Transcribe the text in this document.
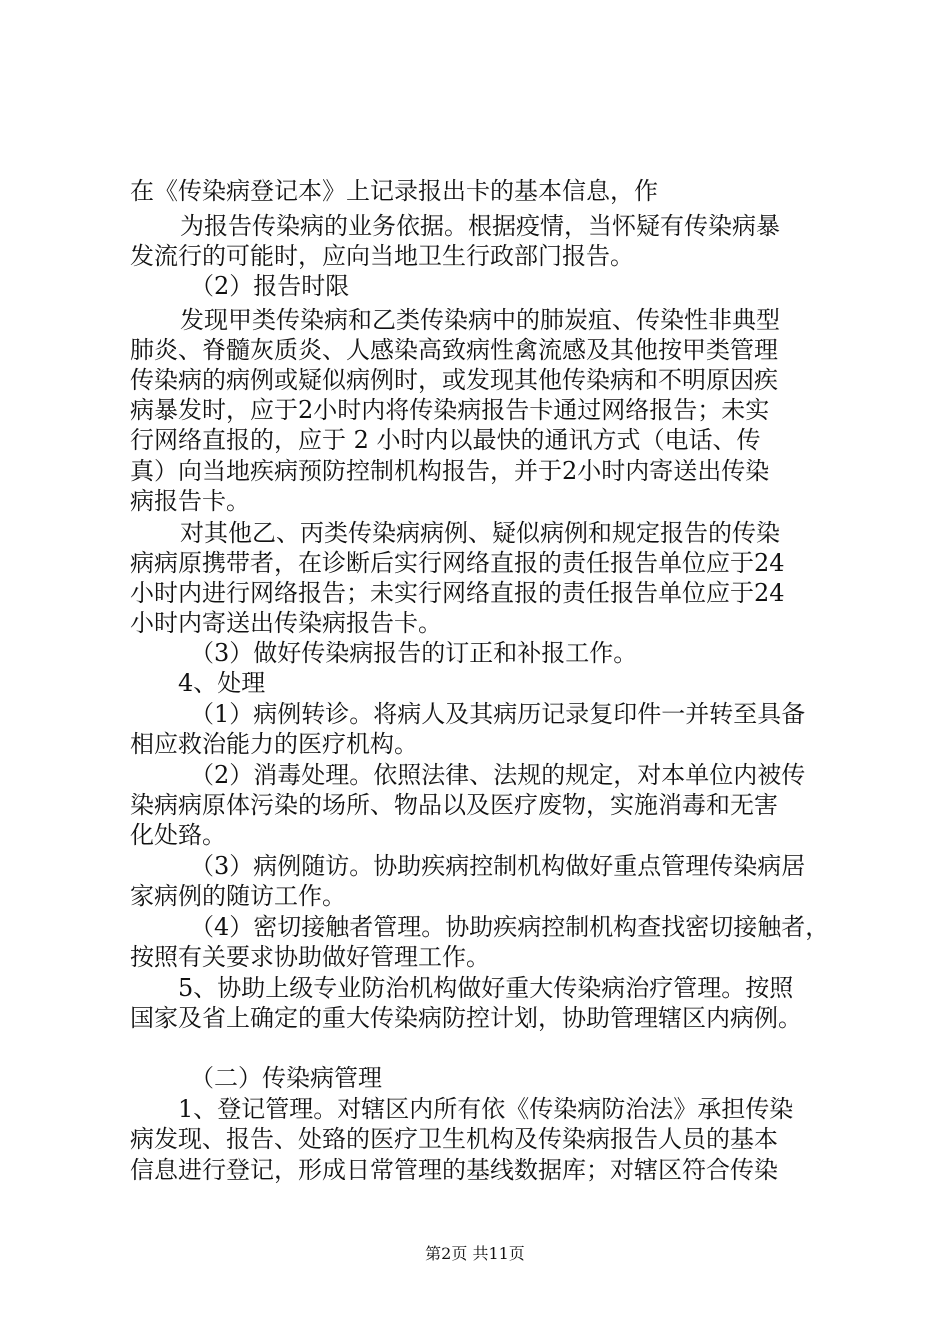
在《传染病登记本》上记录报出卡的基本信息，作
为报告传染病的业务依据。根据疫情，当怀疑有传染病暴
发流行的可能时，应向当地卫生行政部门报告。
（2）报告时限
发现甲类传染病和乙类传染病中的肺炭疽、传染性非典型
肺炎、脊髓灰质炎、人感染高致病性禽流感及其他按甲类管理
传染病的病例或疑似病例时，或发现其他传染病和不明原因疾
病暴发时，应于2小时内将传染病报告卡通过网络报告；未实
行网络直报的，应于 2 小时内以最快的通讯方式（电话、传
真）向当地疾病预防控制机构报告，并于2小时内寄送出传染
病报告卡。
对其他乙、丙类传染病病例、疑似病例和规定报告的传染
病病原携带者，在诊断后实行网络直报的责任报告单位应于24
小时内进行网络报告；未实行网络直报的责任报告单位应于24
小时内寄送出传染病报告卡。
（3）做好传染病报告的订正和补报工作。
4、处理
（1）病例转诊。将病人及其病历记录复印件一并转至具备
相应救治能力的医疗机构。
（2）消毒处理。依照法律、法规的规定，对本单位内被传
染病病原体污染的场所、物品以及医疗废物，实施消毒和无害
化处臵。
（3）病例随访。协助疾病控制机构做好重点管理传染病居
家病例的随访工作。
（4）密切接触者管理。协助疾病控制机构查找密切接触者，
按照有关要求协助做好管理工作。
5、协助上级专业防治机构做好重大传染病治疗管理。按照
国家及省上确定的重大传染病防控计划，协助管理辖区内病例。
（二）传染病管理
1、登记管理。对辖区内所有依《传染病防治法》承担传染
病发现、报告、处臵的医疗卫生机构及传染病报告人员的基本
信息进行登记，形成日常管理的基线数据库；对辖区符合传染
第2页 共11页
